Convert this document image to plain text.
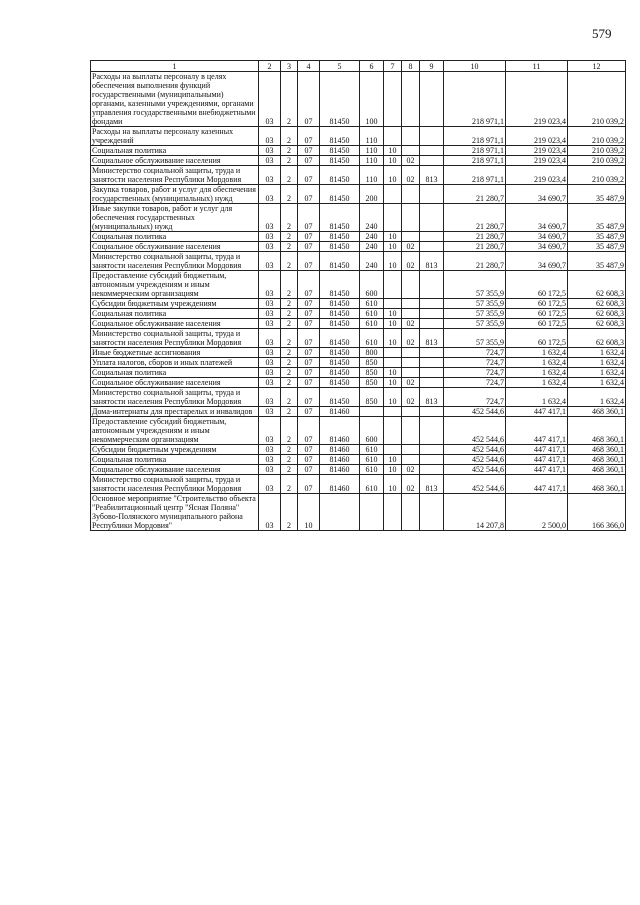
579
1	2	3	4	5	6	7	8	9	10	11	12
Расходы на выплаты персоналу в целях обеспечения выполнения функций государственными (муниципальными) органами, казенными учреждениями, органами управления государственными внебюджетными фондами	03	2	07	81450	100				218 971,1	219 023,4	210 039,2
Расходы на выплаты персоналу казенных учреждений	03	2	07	81450	110				218 971,1	219 023,4	210 039,2
Социальная политика	03	2	07	81450	110	10			218 971,1	219 023,4	210 039,2
Социальное обслуживание населения	03	2	07	81450	110	10	02		218 971,1	219 023,4	210 039,2
Министерство социальной защиты, труда и занятости населения Республики Мордовия	03	2	07	81450	110	10	02	813	218 971,1	219 023,4	210 039,2
Закупка товаров, работ и услуг для обеспечения государственных (муниципальных) нужд	03	2	07	81450	200				21 280,7	34 690,7	35 487,9
Иные закупки товаров, работ и услуг для обеспечения государственных (муниципальных) нужд	03	2	07	81450	240				21 280,7	34 690,7	35 487,9
Социальная политика	03	2	07	81450	240	10			21 280,7	34 690,7	35 487,9
Социальное обслуживание населения	03	2	07	81450	240	10	02		21 280,7	34 690,7	35 487,9
Министерство социальной защиты, труда и занятости населения Республики Мордовия	03	2	07	81450	240	10	02	813	21 280,7	34 690,7	35 487,9
Предоставление субсидий бюджетным, автономным учреждениям и иным некоммерческим организациям	03	2	07	81450	600				57 355,9	60 172,5	62 608,3
Субсидии бюджетным учреждениям	03	2	07	81450	610				57 355,9	60 172,5	62 608,3
Социальная политика	03	2	07	81450	610	10			57 355,9	60 172,5	62 608,3
Социальное обслуживание населения	03	2	07	81450	610	10	02		57 355,9	60 172,5	62 608,3
Министерство социальной защиты, труда и занятости населения Республики Мордовия	03	2	07	81450	610	10	02	813	57 355,9	60 172,5	62 608,3
Иные бюджетные ассигнования	03	2	07	81450	800				724,7	1 632,4	1 632,4
Уплата налогов, сборов и иных платежей	03	2	07	81450	850				724,7	1 632,4	1 632,4
Социальная политика	03	2	07	81450	850	10			724,7	1 632,4	1 632,4
Социальное обслуживание населения	03	2	07	81450	850	10	02		724,7	1 632,4	1 632,4
Министерство социальной защиты, труда и занятости населения Республики Мордовия	03	2	07	81450	850	10	02	813	724,7	1 632,4	1 632,4
Дома-интернаты для престарелых и инвалидов	03	2	07	81460					452 544,6	447 417,1	468 360,1
Предоставление субсидий бюджетным, автономным учреждениям и иным некоммерческим организациям	03	2	07	81460	600				452 544,6	447 417,1	468 360,1
Субсидии бюджетным учреждениям	03	2	07	81460	610				452 544,6	447 417,1	468 360,1
Социальная политика	03	2	07	81460	610	10			452 544,6	447 417,1	468 360,1
Социальное обслуживание населения	03	2	07	81460	610	10	02		452 544,6	447 417,1	468 360,1
Министерство социальной защиты, труда и занятости населения Республики Мордовия	03	2	07	81460	610	10	02	813	452 544,6	447 417,1	468 360,1
Основное мероприятие "Строительство объекта "Реабилитационный центр "Ясная Поляна" Зубово-Полянского муниципального района Республики Мордовия"	03	2	10						14 207,8	2 500,0	166 366,0
